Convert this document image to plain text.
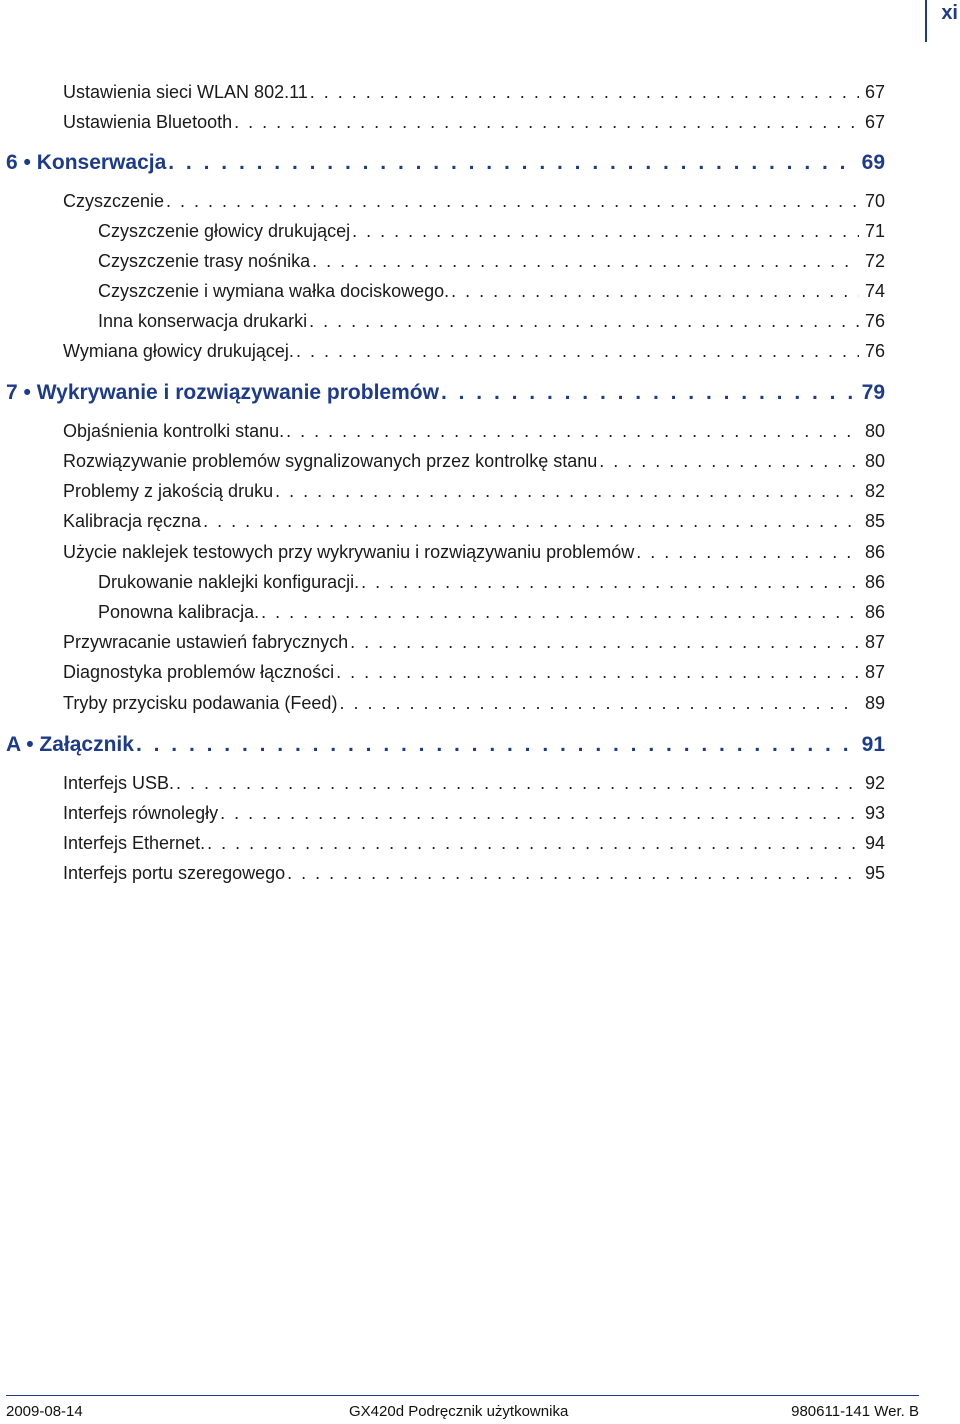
xi
Ustawienia sieci WLAN 802.11 . . .	67
Ustawienia Bluetooth . . .	67
6 • Konserwacja . . .	69
Czyszczenie . . .	70
Czyszczenie głowicy drukującej . . .	71
Czyszczenie trasy nośnika . . .	72
Czyszczenie i wymiana wałka dociskowego. . . .	74
Inna konserwacja drukarki . . .	76
Wymiana głowicy drukującej. . . .	76
7 • Wykrywanie i rozwiązywanie problemów . . .	79
Objaśnienia kontrolki stanu. . . .	80
Rozwiązywanie problemów sygnalizowanych przez kontrolkę stanu . . .	80
Problemy z jakością druku . . .	82
Kalibracja ręczna . . .	85
Użycie naklejek testowych przy wykrywaniu i rozwiązywaniu problemów . . .	86
Drukowanie naklejki konfiguracji. . . .	86
Ponowna kalibracja. . . .	86
Przywracanie ustawień fabrycznych . . .	87
Diagnostyka problemów łączności . . .	87
Tryby przycisku podawania (Feed) . . .	89
A • Załącznik . . .	91
Interfejs USB. . . .	92
Interfejs równoległy . . .	93
Interfejs Ethernet. . . .	94
Interfejs portu szeregowego . . .	95
2009-08-14	GX420d Podręcznik użytkownika	980611-141 Wer. B
